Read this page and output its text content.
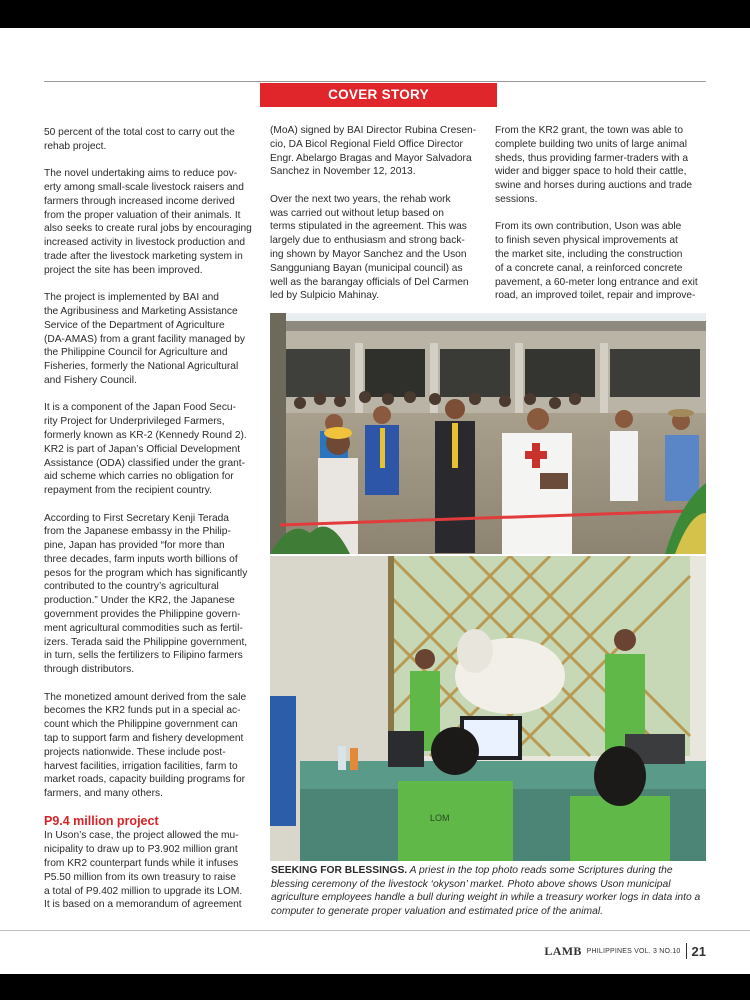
COVER STORY

50 percent of the total cost to carry out the
rehab project.

The novel undertaking aims to reduce pov-
erty among small-scale livestock raisers and
farmers through increased income derived
from the proper valuation of their animals. It
also seeks to create rural jobs by encouraging
increased activity in livestock production and
trade after the livestock marketing system in
project the site has been improved.

The project is implemented by BAI and
the Agribusiness and Marketing Assistance
Service of the Department of Agriculture
(DA-AMAS) from a grant facility managed by
the Philippine Council for Agriculture and
Fisheries, formerly the National Agricultural
and Fishery Council.

It is a component of the Japan Food Secu-
rity Project for Underprivileged Farmers,
formerly known as KR-2 (Kennedy Round 2).
KR2 is part of Japan’s Official Development
Assistance (ODA) classified under the grant-
aid scheme which carries no obligation for
repayment from the recipient country.

According to First Secretary Kenji Terada
from the Japanese embassy in the Philip-
pine, Japan has provided “for more than
three decades, farm inputs worth billions of
pesos for the program which has significantly
contributed to the country’s agricultural
production.” Under the KR2, the Japanese
government provides the Philippine govern-
ment agricultural commodities such as fertil-
izers. Terada said the Philippine government,
in turn, sells the fertilizers to Filipino farmers
through distributors.

The monetized amount derived from the sale
becomes the KR2 funds put in a special ac-
count which the Philippine government can
tap to support farm and fishery development
projects nationwide. These include post-
harvest facilities, irrigation facilities, farm to
market roads, capacity building programs for
farmers, and many others.

P9.4 million project

In Uson’s case, the project allowed the mu-
nicipality to draw up to P3.902 million grant
from KR2 counterpart funds while it infuses
P5.50 million from its own treasury to raise
a total of P9.402 million to upgrade its LOM.
It is based on a memorandum of agreement

(MoA) signed by BAI Director Rubina Cresen-
cio, DA Bicol Regional Field Office Director
Engr. Abelargo Bragas and Mayor Salvadora
Sanchez in November 12, 2013.

Over the next two years, the rehab work
was carried out without letup based on
terms stipulated in the agreement. This was
largely due to enthusiasm and strong back-
ing shown by Mayor Sanchez and the Uson
Sangguniang Bayan (municipal council) as
well as the barangay officials of Del Carmen
led by Sulpicio Mahinay.

From the KR2 grant, the town was able to
complete building two units of large animal
sheds, thus providing farmer-traders with a
wider and bigger space to hold their cattle,
swine and horses during auctions and trade
sessions.

From its own contribution, Uson was able
to finish seven physical improvements at
the market site, including the construction
of a concrete canal, a reinforced concrete
pavement, a 60-meter long entrance and exit
road, an improved toilet, repair and improve-

LOM
SEEKING FOR BLESSINGS. A priest in the top photo reads some Scriptures during the blessing ceremony of the livestock ‘okyson’ market. Photo above shows Uson municipal agriculture employees handle a bull during weight in while a treasury worker logs in data into a computer to generate proper valuation and estimated price of the animal.
LAMB PHILIPPINES VOL. 3 NO.10 21
